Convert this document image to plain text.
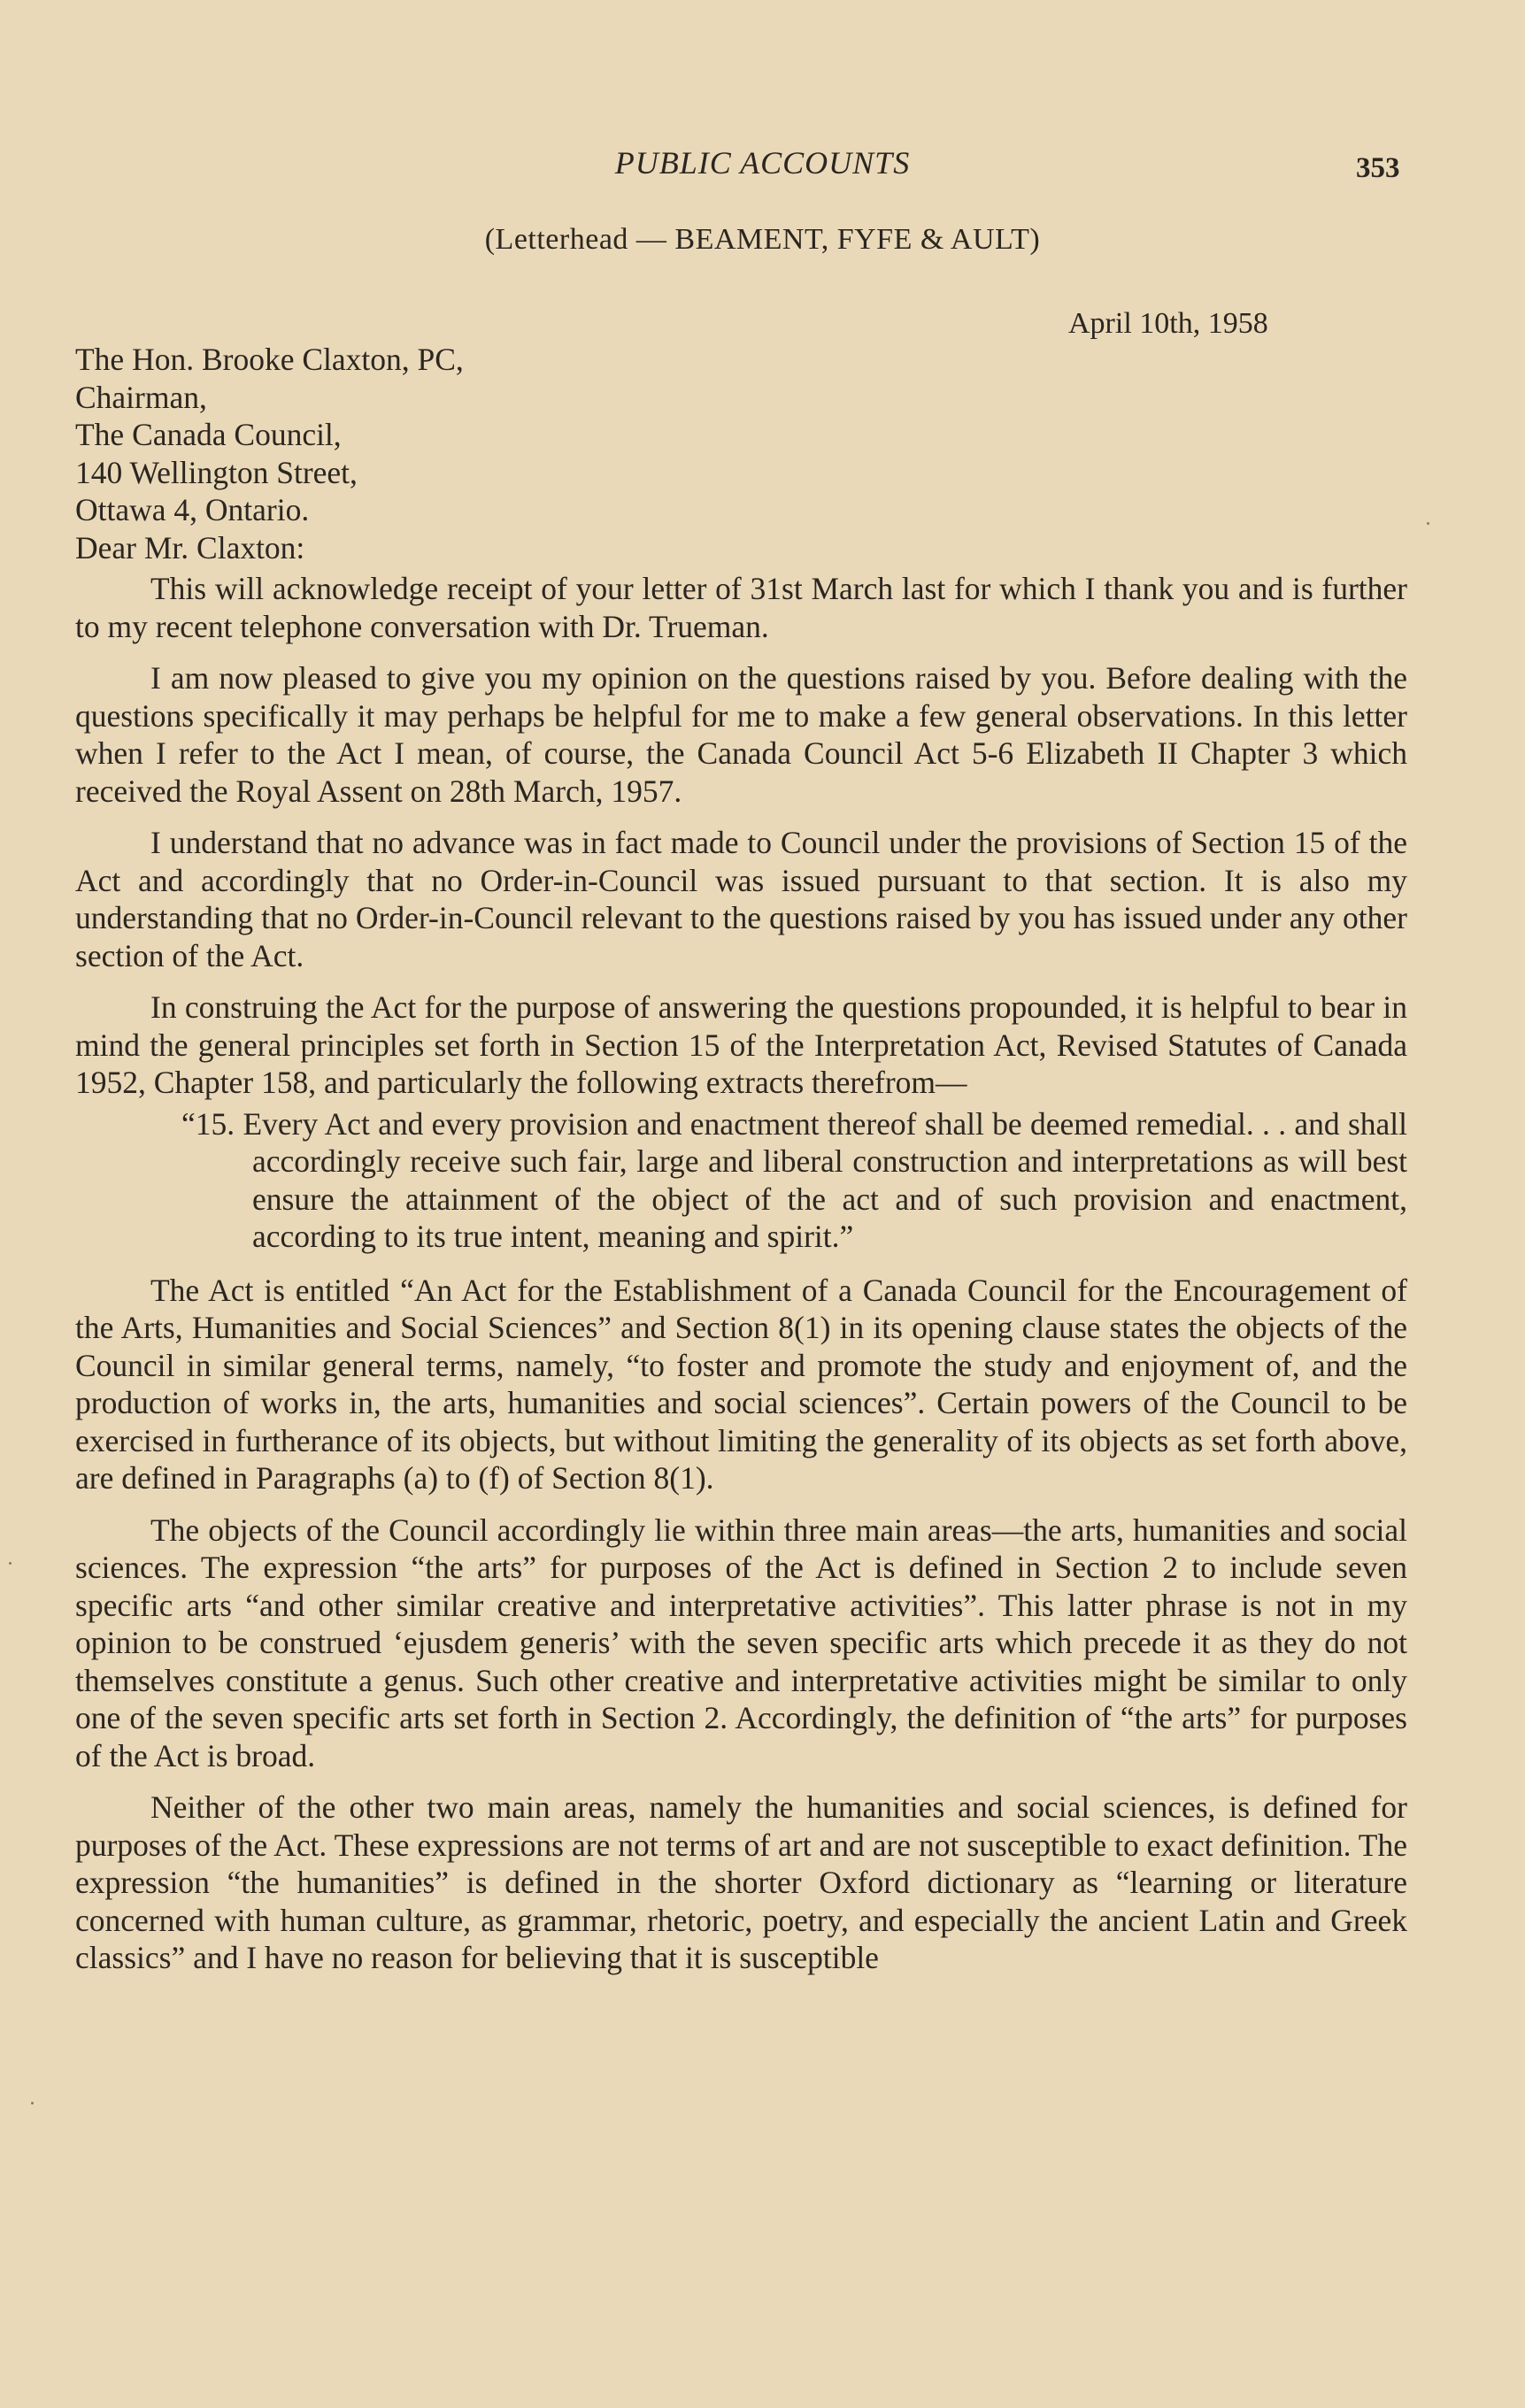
PUBLIC ACCOUNTS	353
(Letterhead — BEAMENT, FYFE & AULT)
April 10th, 1958
The Hon. Brooke Claxton, PC,
Chairman,
The Canada Council,
140 Wellington Street,
Ottawa 4, Ontario.
Dear Mr. Claxton:

This will acknowledge receipt of your letter of 31st March last for which I thank you and is further to my recent telephone conversation with Dr. Trueman.

I am now pleased to give you my opinion on the questions raised by you. Before dealing with the questions specifically it may perhaps be helpful for me to make a few general observations. In this letter when I refer to the Act I mean, of course, the Canada Council Act 5-6 Elizabeth II Chapter 3 which received the Royal Assent on 28th March, 1957.

I understand that no advance was in fact made to Council under the provisions of Section 15 of the Act and accordingly that no Order-in-Council was issued pursuant to that section. It is also my understanding that no Order-in-Council relevant to the questions raised by you has issued under any other section of the Act.

In construing the Act for the purpose of answering the questions propounded, it is helpful to bear in mind the general principles set forth in Section 15 of the Interpretation Act, Revised Statutes of Canada 1952, Chapter 158, and particularly the following extracts therefrom—

“15. Every Act and every provision and enactment thereof shall be deemed remedial. . . and shall accordingly receive such fair, large and liberal construction and interpretations as will best ensure the attainment of the object of the act and of such provision and enactment, according to its true intent, meaning and spirit.”

The Act is entitled “An Act for the Establishment of a Canada Council for the Encouragement of the Arts, Humanities and Social Sciences” and Section 8(1) in its opening clause states the objects of the Council in similar general terms, namely, “to foster and promote the study and enjoyment of, and the production of works in, the arts, humanities and social sciences”. Certain powers of the Council to be exercised in furtherance of its objects, but without limiting the generality of its objects as set forth above, are defined in Paragraphs (a) to (f) of Section 8(1).

The objects of the Council accordingly lie within three main areas—the arts, humanities and social sciences. The expression “the arts” for purposes of the Act is defined in Section 2 to include seven specific arts “and other similar creative and interpretative activities”. This latter phrase is not in my opinion to be construed ‘ejusdem generis’ with the seven specific arts which precede it as they do not themselves constitute a genus. Such other creative and interpretative activities might be similar to only one of the seven specific arts set forth in Section 2. Accordingly, the definition of “the arts” for purposes of the Act is broad.

Neither of the other two main areas, namely the humanities and social sciences, is defined for purposes of the Act. These expressions are not terms of art and are not susceptible to exact definition. The expression “the humanities” is defined in the shorter Oxford dictionary as “learning or literature concerned with human culture, as grammar, rhetoric, poetry, and especially the ancient Latin and Greek classics” and I have no reason for believing that it is susceptible
